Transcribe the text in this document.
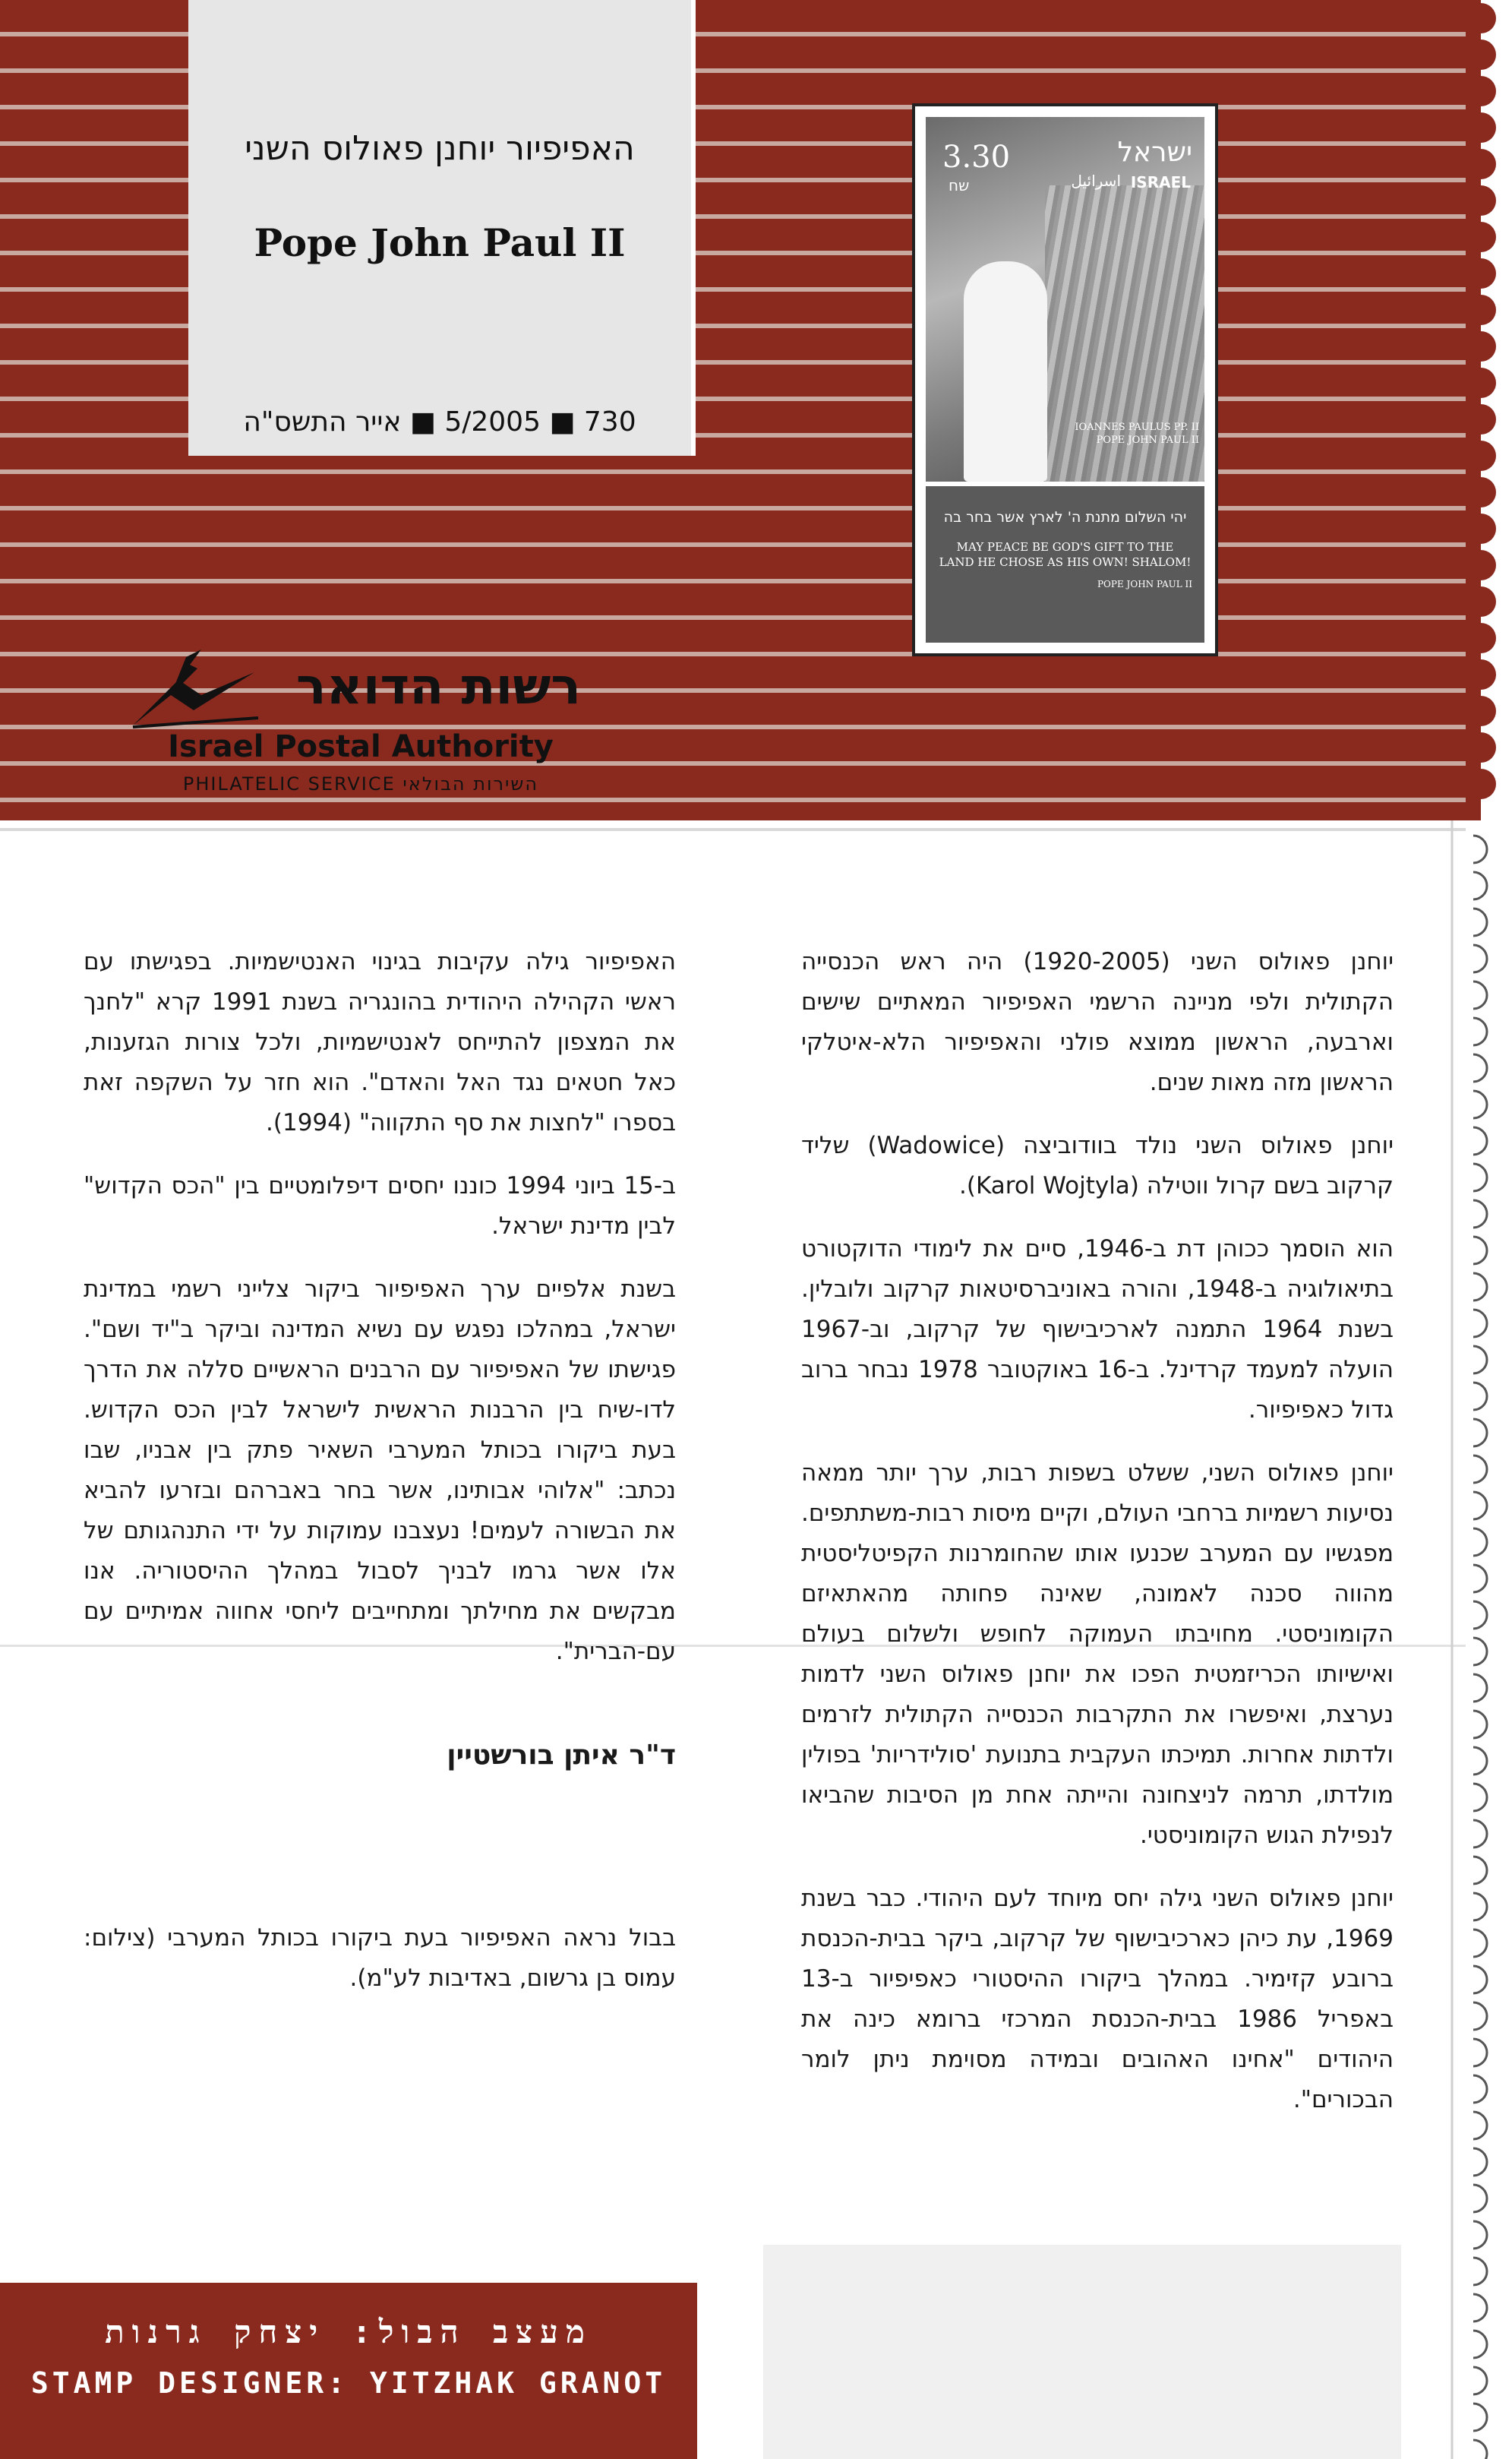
האפיפיור יוחנן פאולוס השני
Pope John Paul II
730 ■ 5/2005 ■ אייר התשס"ה
3.30
שח
ישראל
اسرائيل ISRAEL
IOANNES PAULUS PP. II POPE JOHN PAUL II
יהי השלום מתנת ה' לארץ אשר בחר בה
MAY PEACE BE GOD'S GIFT TO THE LAND HE CHOSE AS HIS OWN! SHALOM!
POPE JOHN PAUL II
רשות הדואר
Israel Postal Authority
PHILATELIC SERVICE השירות הבולאי

יוחנן פאולוס השני (1920-2005) היה ראש הכנסייה הקתולית ולפי מניינה הרשמי האפיפיור המאתיים שישים וארבעה, הראשון ממוצא פולני והאפיפיור הלא-איטלקי הראשון מזה מאות שנים.

יוחנן פאולוס השני נולד בוודוביצה (Wadowice) שליד קרקוב בשם קרול ווטילה (Karol Wojtyla).

הוא הוסמך ככוהן דת ב-1946, סיים את לימודי הדוקטורט בתיאולוגיה ב-1948, והורה באוניברסיטאות קרקוב ולובלין. בשנת 1964 התמנה לארכיבישוף של קרקוב, וב-1967 הועלה למעמד קרדינל. ב-16 באוקטובר 1978 נבחר ברוב גדול כאפיפיור.

יוחנן פאולוס השני, ששלט בשפות רבות, ערך יותר ממאה נסיעות רשמיות ברחבי העולם, וקיים מיסות רבות-משתתפים. מפגשיו עם המערב שכנעו אותו שהחומרנות הקפיטליסטית מהווה סכנה לאמונה, שאינה פחותה מהאתאיזם הקומוניסטי. מחויבתו העמוקה לחופש ולשלום בעולם ואישיותו הכריזמטית הפכו את יוחנן פאולוס השני לדמות נערצת, ואיפשרו את התקרבות הכנסייה הקתולית לזרמים ולדתות אחרות. תמיכתו העקבית בתנועת 'סולידריות' בפולין מולדתו, תרמה לניצחונה והייתה אחת מן הסיבות שהביאו לנפילת הגוש הקומוניסטי.

יוחנן פאולוס השני גילה יחס מיוחד לעם היהודי. כבר בשנת 1969, עת כיהן כארכיבישוף של קרקוב, ביקר בבית-הכנסת ברובע קזימיר. במהלך ביקורו ההיסטורי כאפיפיור ב-13 באפריל 1986 בבית-הכנסת המרכזי ברומא כינה את היהודים "אחינו האהובים ובמידה מסוימת ניתן לומר הבכורים".

האפיפיור גילה עקיבות בגינוי האנטישמיות. בפגישתו עם ראשי הקהילה היהודית בהונגריה בשנת 1991 קרא "לחנך את המצפון להתייחס לאנטישמיות, ולכל צורות הגזענות, כאל חטאים נגד האל והאדם". הוא חזר על השקפה זאת בספרו "לחצות את סף התקווה" (1994).

ב-15 ביוני 1994 כוננו יחסים דיפלומטיים בין "הכס הקדוש" לבין מדינת ישראל.

בשנת אלפיים ערך האפיפיור ביקור צלייני רשמי במדינת ישראל, במהלכו נפגש עם נשיא המדינה וביקר ב"יד ושם". פגישתו של האפיפיור עם הרבנים הראשיים סללה את הדרך לדו-שיח בין הרבנות הראשית לישראל לבין הכס הקדוש. בעת ביקורו בכותל המערבי השאיר פתק בין אבניו, שבו נכתב: "אלוהי אבותינו, אשר בחר באברהם ובזרעו להביא את הבשורה לעמים! נעצבנו עמוקות על ידי התנהגותם של אלו אשר גרמו לבניך לסבול במהלך ההיסטוריה. אנו מבקשים את מחילתך ומתחייבים ליחסי אחווה אמיתיים עם עם-הברית".

ד"ר איתן בורשטיין
בבול נראה האפיפיור בעת ביקורו בכותל המערבי (צילום: עמוס בן גרשום, באדיבות לע"מ).
מעצב הבול: יצחק גרנות
STAMP DESIGNER: YITZHAK GRANOT
